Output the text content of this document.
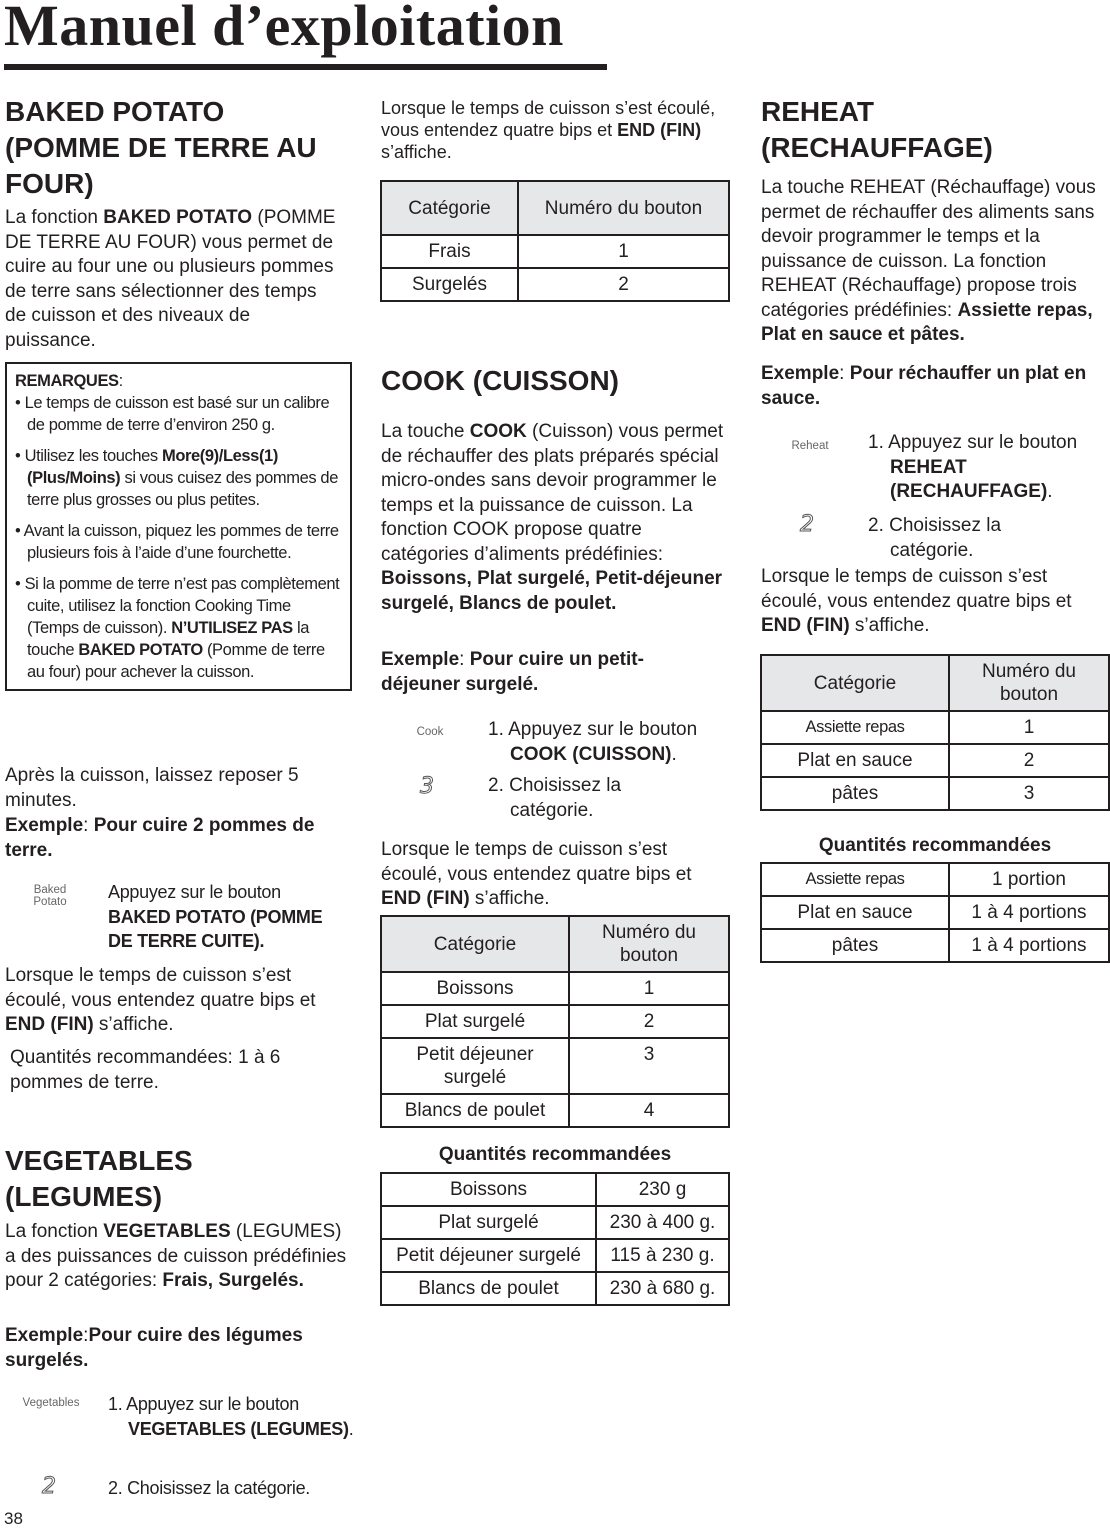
Manuel d’exploitation
BAKED POTATO
(POMME DE TERRE AU
FOUR)
La fonction BAKED POTATO (POMME DE TERRE AU FOUR) vous permet de cuire au four une ou plusieurs pommes de terre sans sélectionner des temps de cuisson et des niveaux de puissance.
REMARQUES:
• Le temps de cuisson est basé sur un calibre de pomme de terre d’environ 250 g.
• Utilisez les touches More(9)/Less(1) (Plus/Moins) si vous cuisez des pommes de terre plus grosses ou plus petites.
• Avant la cuisson, piquez les pommes de terre plusieurs fois à l’aide d’une fourchette.
• Si la pomme de terre n’est pas complètement cuite, utilisez la fonction Cooking Time (Temps de cuisson). N’UTILISEZ PAS la touche BAKED POTATO (Pomme de terre au four) pour achever la cuisson.
Après la cuisson, laissez reposer 5 minutes.
Exemple: Pour cuire 2 pommes de terre.
Baked
Potato Appuyez sur le bouton BAKED POTATO (POMME DE TERRE CUITE).
Lorsque le temps de cuisson s’est écoulé, vous entendez quatre bips et END (FIN) s’affiche.
Quantités recommandées: 1 à 6 pommes de terre.
VEGETABLES
(LEGUMES)
La fonction VEGETABLES (LEGUMES) a des puissances de cuisson prédéfinies pour 2 catégories: Frais, Surgelés.
Exemple:Pour cuire des légumes surgelés.
Vegetables 1. Appuyez sur le bouton VEGETABLES (LEGUMES).
2	2. Choisissez la catégorie.
38
Lorsque le temps de cuisson s’est écoulé, vous entendez quatre bips et END (FIN) s’affiche.
Catégorie	Numéro du bouton
Frais	1
Surgelés	2
COOK (CUISSON)
La touche COOK (Cuisson) vous permet de réchauffer des plats préparés spécial micro-ondes sans devoir programmer le temps et la puissance de cuisson. La fonction COOK propose quatre catégories d’aliments prédéfinies: Boissons, Plat surgelé, Petit-déjeuner surgelé, Blancs de poulet.
Exemple: Pour cuire un petit-déjeuner surgelé.
Cook	1. Appuyez sur le bouton COOK (CUISSON).
3	2. Choisissez la catégorie.
Lorsque le temps de cuisson s’est écoulé, vous entendez quatre bips et END (FIN) s’affiche.
Catégorie	Numéro du bouton
Boissons	1
Plat surgelé	2
Petit déjeuner surgelé	3
Blancs de poulet	4
Quantités recommandées
Boissons	230 g
Plat surgelé	230 à 400 g.
Petit déjeuner surgelé	115 à 230 g.
Blancs de poulet	230 à 680 g.
REHEAT
(RECHAUFFAGE)
La touche REHEAT (Réchauffage) vous permet de réchauffer des aliments sans devoir programmer le temps et la puissance de cuisson. La fonction REHEAT (Réchauffage) propose trois catégories prédéfinies: Assiette repas, Plat en sauce et pâtes.
Exemple: Pour réchauffer un plat en sauce.
Reheat	1. Appuyez sur le bouton REHEAT (RECHAUFFAGE).
2	2. Choisissez la catégorie.
Lorsque le temps de cuisson s’est écoulé, vous entendez quatre bips et END (FIN) s’affiche.
Catégorie	Numéro du bouton
Assiette repas	1
Plat en sauce	2
pâtes	3
Quantités recommandées
Assiette repas	1 portion
Plat en sauce	1 à 4 portions
pâtes	1 à 4 portions
